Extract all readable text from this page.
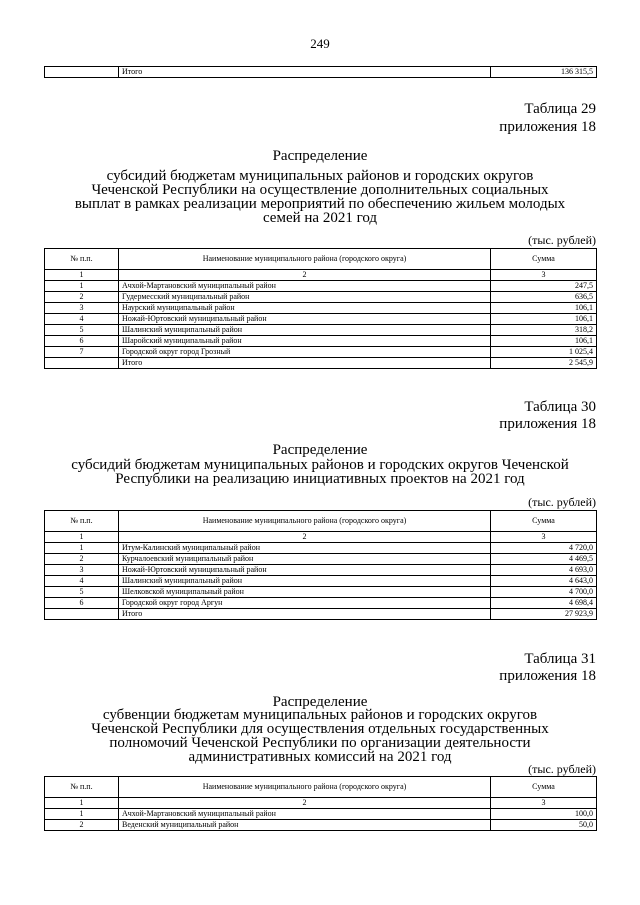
249
	Итого	136 315,5
Таблица 29
приложения 18
Распределение
субсидий бюджетам муниципальных районов и городских округов
Чеченской Республики на осуществление дополнительных социальных
выплат в рамках реализации мероприятий по обеспечению жильем молодых
семей на 2021 год
(тыс. рублей)
№ п.п.	Наименование муниципального района (городского округа)	Сумма
1	2	3
1	Ачхой-Мартановский муниципальный район	247,5
2	Гудермесский муниципальный район	636,5
3	Наурский муниципальный район	106,1
4	Ножай-Юртовский муниципальный район	106,1
5	Шалинский муниципальный район	318,2
6	Шаройский муниципальный район	106,1
7	Городской округ город Грозный	1 025,4
	Итого	2 545,9
Таблица 30
приложения 18
Распределение
субсидий бюджетам муниципальных районов и городских округов Чеченской
Республики на реализацию инициативных проектов на 2021 год
(тыс. рублей)
№ п.п.	Наименование муниципального района (городского округа)	Сумма
1	2	3
1	Итум-Калинский муниципальный район	4 720,0
2	Курчалоевский муниципальный район	4 469,5
3	Ножай-Юртовский муниципальный район	4 693,0
4	Шалинский муниципальный район	4 643,0
5	Шелковской муниципальный район	4 700,0
6	Городской округ город Аргун	4 698,4
	Итого	27 923,9
Таблица 31
приложения 18
Распределение
субвенции бюджетам муниципальных районов и городских округов
Чеченской Республики для осуществления отдельных государственных
полномочий Чеченской Республики по организации деятельности
административных комиссий на 2021 год
(тыс. рублей)
№ п.п.	Наименование муниципального района (городского округа)	Сумма
1	2	3
1	Ачхой-Мартановский муниципальный район	100,0
2	Веденский муниципальный район	50,0
